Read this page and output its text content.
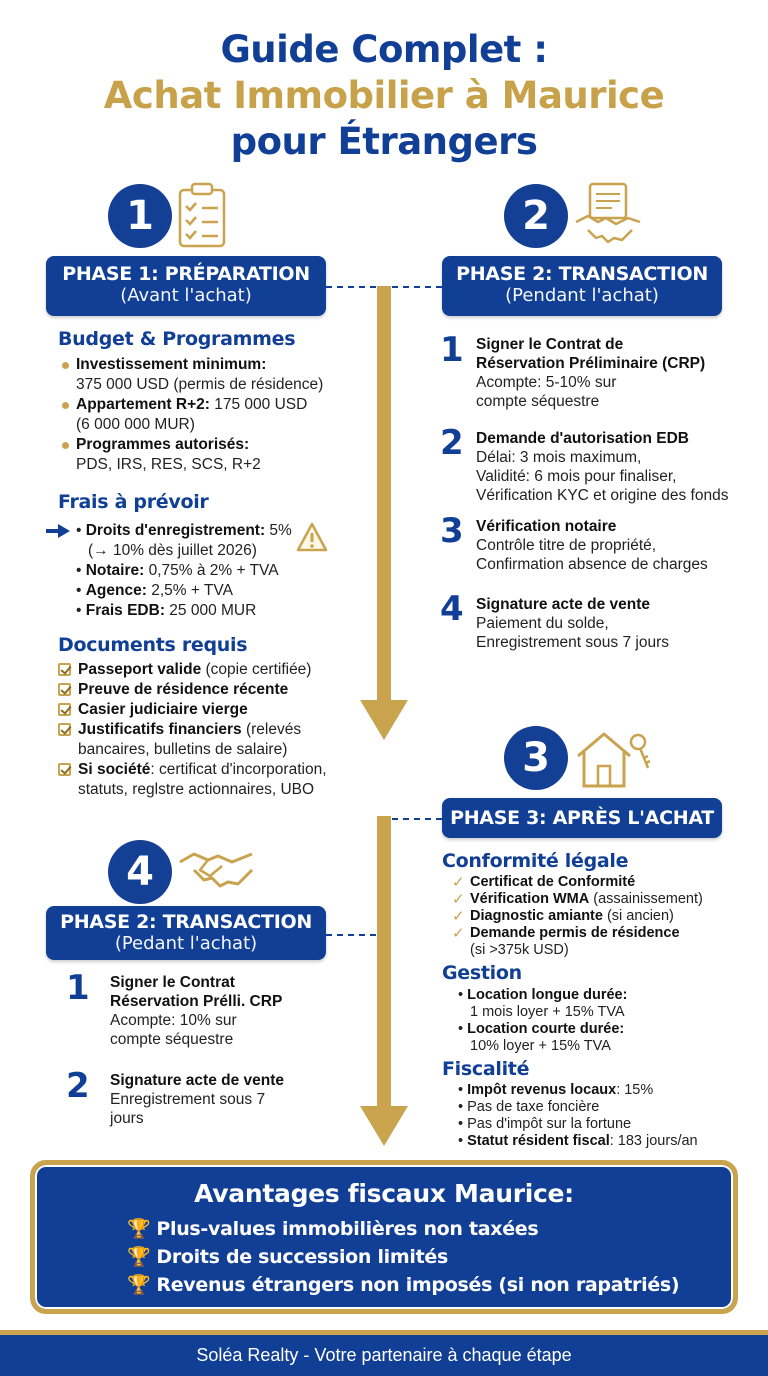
Guide Complet :
Achat Immobilier à Maurice
pour Étrangers
1
PHASE 1: PRÉPARATION
(Avant l'achat)
2
PHASE 2: TRANSACTION
(Pendant l'achat)
Budget & Programmes
Investissement minimum:
375 000 USD (permis de résidence)
Appartement R+2: 175 000 USD
(6 000 000 MUR)
Programmes autorisés:
PDS, IRS, RES, SCS, R+2
Frais à prévoir
• Droits d'enregistrement: 5%
(→ 10% dès juillet 2026)
• Notaire: 0,75% à 2% + TVA
• Agence: 2,5% + TVA
• Frais EDB: 25 000 MUR
Documents requis
Passeport valide (copie certifiée)
Preuve de résidence récente
Casier judiciaire vierge
Justificatifs financiers (relevés
bancaires, bulletins de salaire)
Si société: certificat d'incorporation,
statuts, reglstre actionnaires, UBO
1 Signer le Contrat de
Réservation Préliminaire (CRP)
Acompte: 5-10% sur
compte séquestre
2 Demande d'autorisation EDB
Délai: 3 mois maximum,
Validité: 6 mois pour finaliser,
Vérification KYC et origine des fonds
3 Vérification notaire
Contrôle titre de propriété,
Confirmation absence de charges
4 Signature acte de vente
Paiement du solde,
Enregistrement sous 7 jours
3
PHASE 3: APRÈS L'ACHAT
4
PHASE 2: TRANSACTION
(Pedant l'achat)
Conformité légale
✓ Certificat de Conformité
✓ Vérification WMA (assainissement)
✓ Diagnostic amiante (si ancien)
✓ Demande permis de résidence
(si >375k USD)
Gestion
• Location longue durée:
1 mois loyer + 15% TVA
• Location courte durée:
10% loyer + 15% TVA
Fiscalité
• Impôt revenus locaux: 15%
• Pas de taxe foncière
• Pas d'impôt sur la fortune
• Statut résident fiscal: 183 jours/an
1 Signer le Contrat
Réservation Prélli. CRP
Acompte: 10% sur
compte séquestre
2 Signature acte de vente
Enregistrement sous 7
jours
Avantages fiscaux Maurice:
🏆 Plus-values immobilières non taxées
🏆 Droits de succession limités
🏆 Revenus étrangers non imposés (si non rapatriés)
Soléa Realty - Votre partenaire à chaque étape
